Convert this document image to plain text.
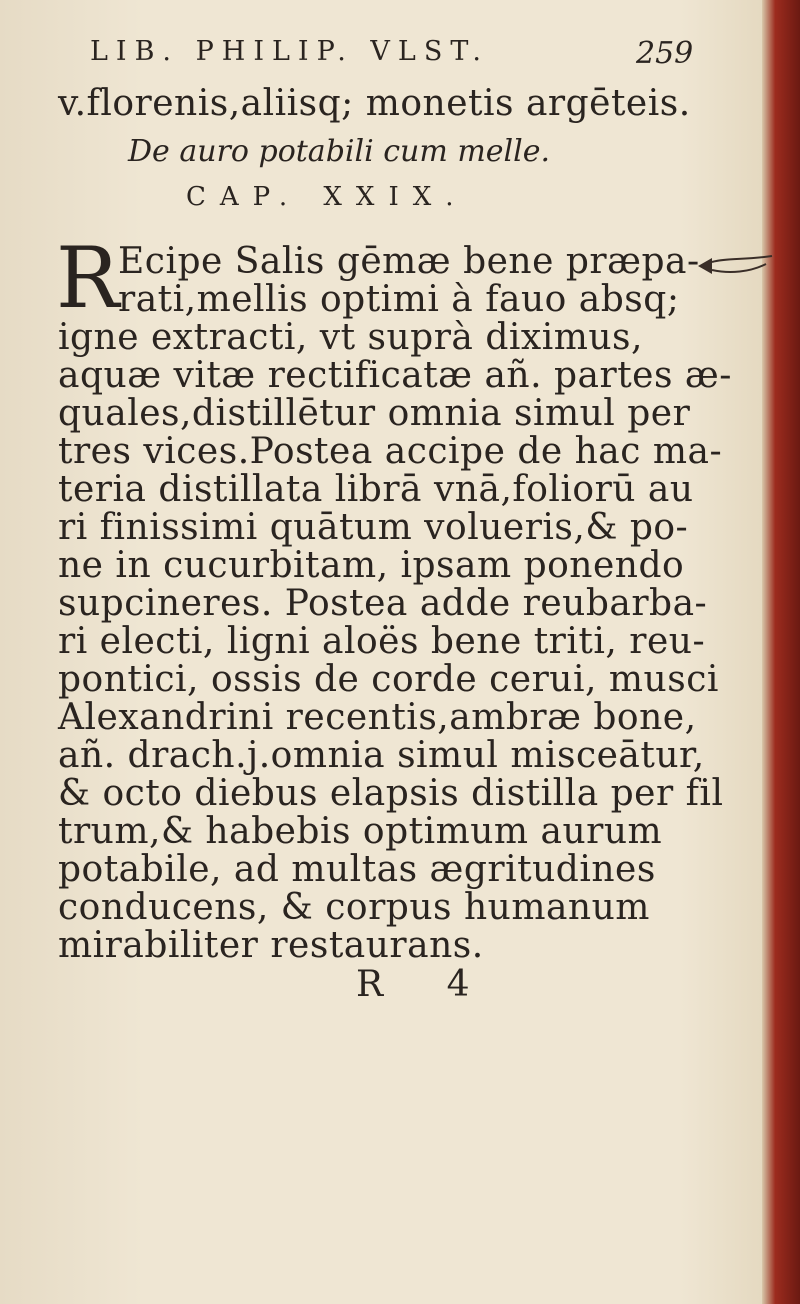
LIB. PHILIP. VLST.	259
v.florenis,aliisq; monetis argēteis.
De auro potabili cum melle.
CAP. XXIX.
R
Ecipe Salis gēmæ bene præpa-
rati,mellis optimi à fauo absq;
igne extracti, vt suprà diximus,
aquæ vitæ rectificatæ añ. partes æ-
quales,distillētur omnia simul per
tres vices.Postea accipe de hac ma-
teria distillata librā vnā,foliorū au
ri finissimi quātum volueris,& po-
ne in cucurbitam, ipsam ponendo
supcineres. Postea adde reubarba-
ri electi, ligni aloës bene triti, reu-
pontici, ossis de corde cerui, musci
Alexandrini recentis,ambræ bone,
añ. drach.j.omnia simul misceātur,
& octo diebus elapsis distilla per fil
trum,& habebis optimum aurum
potabile, ad multas ægritudines
conducens, & corpus humanum
mirabiliter restaurans.
R 4
